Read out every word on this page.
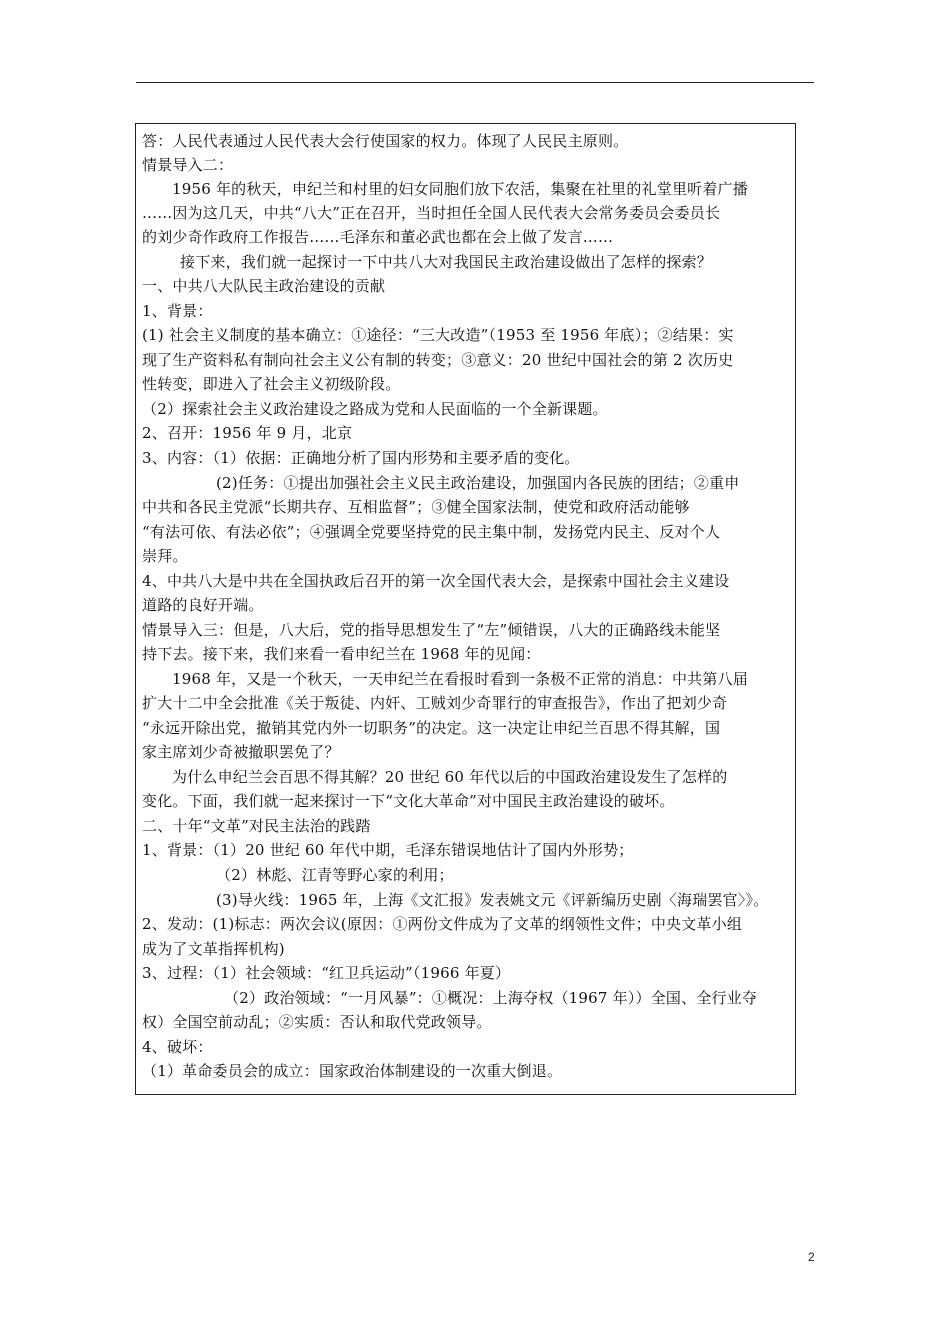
答：人民代表通过人民代表大会行使国家的权力。体现了人民民主原则。
情景导入二：
1956 年的秋天，申纪兰和村里的妇女同胞们放下农活，集聚在社里的礼堂里听着广播
……因为这几天，中共“八大”正在召开，当时担任全国人民代表大会常务委员会委员长
的刘少奇作政府工作报告……毛泽东和董必武也都在会上做了发言……
接下来，我们就一起探讨一下中共八大对我国民主政治建设做出了怎样的探索？
一、中共八大队民主政治建设的贡献
1、背景：
(1) 社会主义制度的基本确立：①途径：“三大改造”（1953 至 1956 年底）；②结果：实
现了生产资料私有制向社会主义公有制的转变；③意义：20 世纪中国社会的第 2 次历史
性转变，即进入了社会主义初级阶段。
（2）探索社会主义政治建设之路成为党和人民面临的一个全新课题。
2、召开：1956 年 9 月，北京
3、内容：（1）依据：正确地分析了国内形势和主要矛盾的变化。
(2)任务：①提出加强社会主义民主政治建设，加强国内各民族的团结；②重申
中共和各民主党派“长期共存、互相监督”；③健全国家法制，使党和政府活动能够
“有法可依、有法必依”；④强调全党要坚持党的民主集中制，发扬党内民主、反对个人
崇拜。
4、中共八大是中共在全国执政后召开的第一次全国代表大会，是探索中国社会主义建设
道路的良好开端。
情景导入三：但是，八大后，党的指导思想发生了“左”倾错误，八大的正确路线未能坚
持下去。接下来，我们来看一看申纪兰在 1968 年的见闻：
1968 年，又是一个秋天，一天申纪兰在看报时看到一条极不正常的消息：中共第八届
扩大十二中全会批准《关于叛徒、内奸、工贼刘少奇罪行的审查报告》，作出了把刘少奇
“永远开除出党，撤销其党内外一切职务”的决定。这一决定让申纪兰百思不得其解，国
家主席刘少奇被撤职罢免了？
为什么申纪兰会百思不得其解？20 世纪 60 年代以后的中国政治建设发生了怎样的
变化。下面，我们就一起来探讨一下“文化大革命”对中国民主政治建设的破坏。
二、十年“文革”对民主法治的践踏
1、背景：（1）20 世纪 60 年代中期，毛泽东错误地估计了国内外形势；
（2）林彪、江青等野心家的利用；
(3)导火线：1965 年，上海《文汇报》发表姚文元《评新编历史剧〈海瑞罢官〉》。
2、发动：(1)标志：两次会议(原因：①两份文件成为了文革的纲领性文件；中央文革小组
成为了文革指挥机构)
3、过程：（1）社会领域：“红卫兵运动”（1966 年夏）
（2）政治领域：“一月风暴”：①概况：上海夺权（1967 年））全国、全行业夺
权）全国空前动乱；②实质：否认和取代党政领导。
4、破坏：
（1）革命委员会的成立：国家政治体制建设的一次重大倒退。
2
